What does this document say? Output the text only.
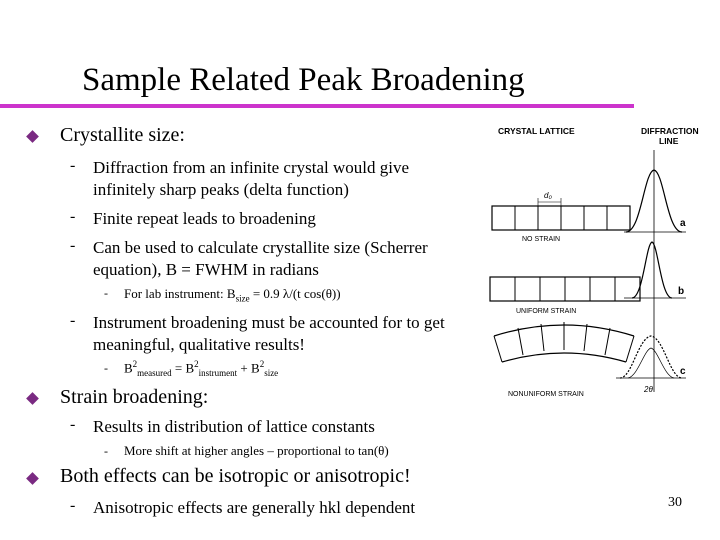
Sample Related Peak Broadening
Crystallite size:
- Diffraction from an infinite crystal would give infinitely sharp peaks (delta function)
- Finite repeat leads to broadening
- Can be used to calculate crystallite size (Scherrer equation), B = FWHM in radians
- For lab instrument: $B_{size} = 0.9$ λ/(t cos(θ))
- Instrument broadening must be accounted for to get meaningful, qualitative results!
- $B^2_{measured} = B^2_{instrument} + B^2_{size}$
Strain broadening:
- Results in distribution of lattice constants
- More shift at higher angles – proportional to tan(θ)
Both effects can be isotropic or anisotropic!
- Anisotropic effects are generally hkl dependent	30
CRYSTAL LATTICE	DIFFRACTION
LINE
d₀
NO STRAIN
a
UNIFORM STRAIN
b
NONUNIFORM STRAIN
c
2θ
